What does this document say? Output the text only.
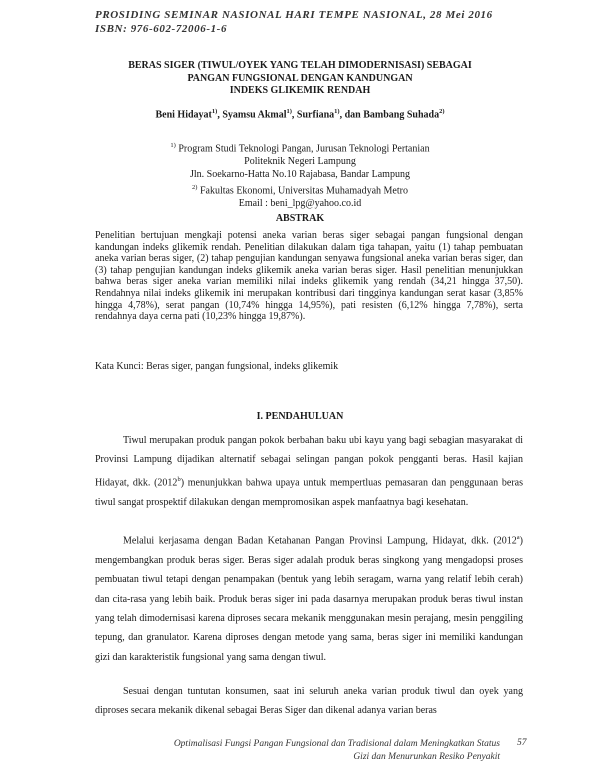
PROSIDING SEMINAR NASIONAL HARI TEMPE NASIONAL, 28 Mei 2016
ISBN: 976-602-72006-1-6
BERAS SIGER (TIWUL/OYEK YANG TELAH DIMODERNISASI) SEBAGAI
PANGAN FUNGSIONAL DENGAN KANDUNGAN
INDEKS GLIKEMIK RENDAH
Beni Hidayat$^{1)}$, Syamsu Akmal$^{1)}$, Surfiana$^{1)}$, dan Bambang Suhada$^{2)}$
$^{1)}$ Program Studi Teknologi Pangan, Jurusan Teknologi Pertanian
Politeknik Negeri Lampung
Jln. Soekarno-Hatta No.10 Rajabasa, Bandar Lampung
$^{2)}$ Fakultas Ekonomi, Universitas Muhamadyah Metro
Email : beni_lpg@yahoo.co.id
ABSTRAK

Penelitian bertujuan mengkaji potensi aneka varian beras siger sebagai pangan fungsional dengan kandungan indeks glikemik rendah. Penelitian dilakukan dalam tiga tahapan, yaitu (1) tahap pembuatan aneka varian beras siger, (2) tahap pengujian kandungan senyawa fungsional aneka varian beras siger, dan (3) tahap pengujian kandungan indeks glikemik aneka varian beras siger. Hasil penelitian menunjukkan bahwa beras siger aneka varian memiliki nilai indeks glikemik yang rendah (34,21 hingga 37,50). Rendahnya nilai indeks glikemik ini merupakan kontribusi dari tingginya kandungan serat kasar (3,85% hingga 4,78%), serat pangan (10,74% hingga 14,95%), pati resisten (6,12% hingga 7,78%), serta rendahnya daya cerna pati (10,23% hingga 19,87%).

Kata Kunci: Beras siger, pangan fungsional, indeks glikemik
I. PENDAHULUAN

Tiwul merupakan produk pangan pokok berbahan baku ubi kayu yang bagi sebagian masyarakat di Provinsi Lampung dijadikan alternatif sebagai selingan pangan pokok pengganti beras. Hasil kajian Hidayat, dkk. (2012$^b$) menunjukkan bahwa upaya untuk mempertluas pemasaran dan penggunaan beras tiwul sangat prospektif dilakukan dengan mempromosikan aspek manfaatnya bagi kesehatan.

Melalui kerjasama dengan Badan Ketahanan Pangan Provinsi Lampung, Hidayat, dkk. (2012$^a$) mengembangkan produk beras siger. Beras siger adalah produk beras singkong yang mengadopsi proses pembuatan tiwul tetapi dengan penampakan (bentuk yang lebih seragam, warna yang relatif lebih cerah) dan cita-rasa yang lebih baik. Produk beras siger ini pada dasarnya merupakan produk beras tiwul instan yang telah dimodernisasi karena diproses secara mekanik menggunakan mesin perajang, mesin penggiling tepung, dan granulator. Karena diproses dengan metode yang sama, beras siger ini memiliki kandungan gizi dan karakteristik fungsional yang sama dengan tiwul.

Sesuai dengan tuntutan konsumen, saat ini seluruh aneka varian produk tiwul dan oyek yang diproses secara mekanik dikenal sebagai Beras Siger dan dikenal adanya varian beras

Optimalisasi Fungsi Pangan Fungsional dan Tradisional dalam Meningkatkan Status
Gizi dan Menurunkan Resiko Penyakit
57
